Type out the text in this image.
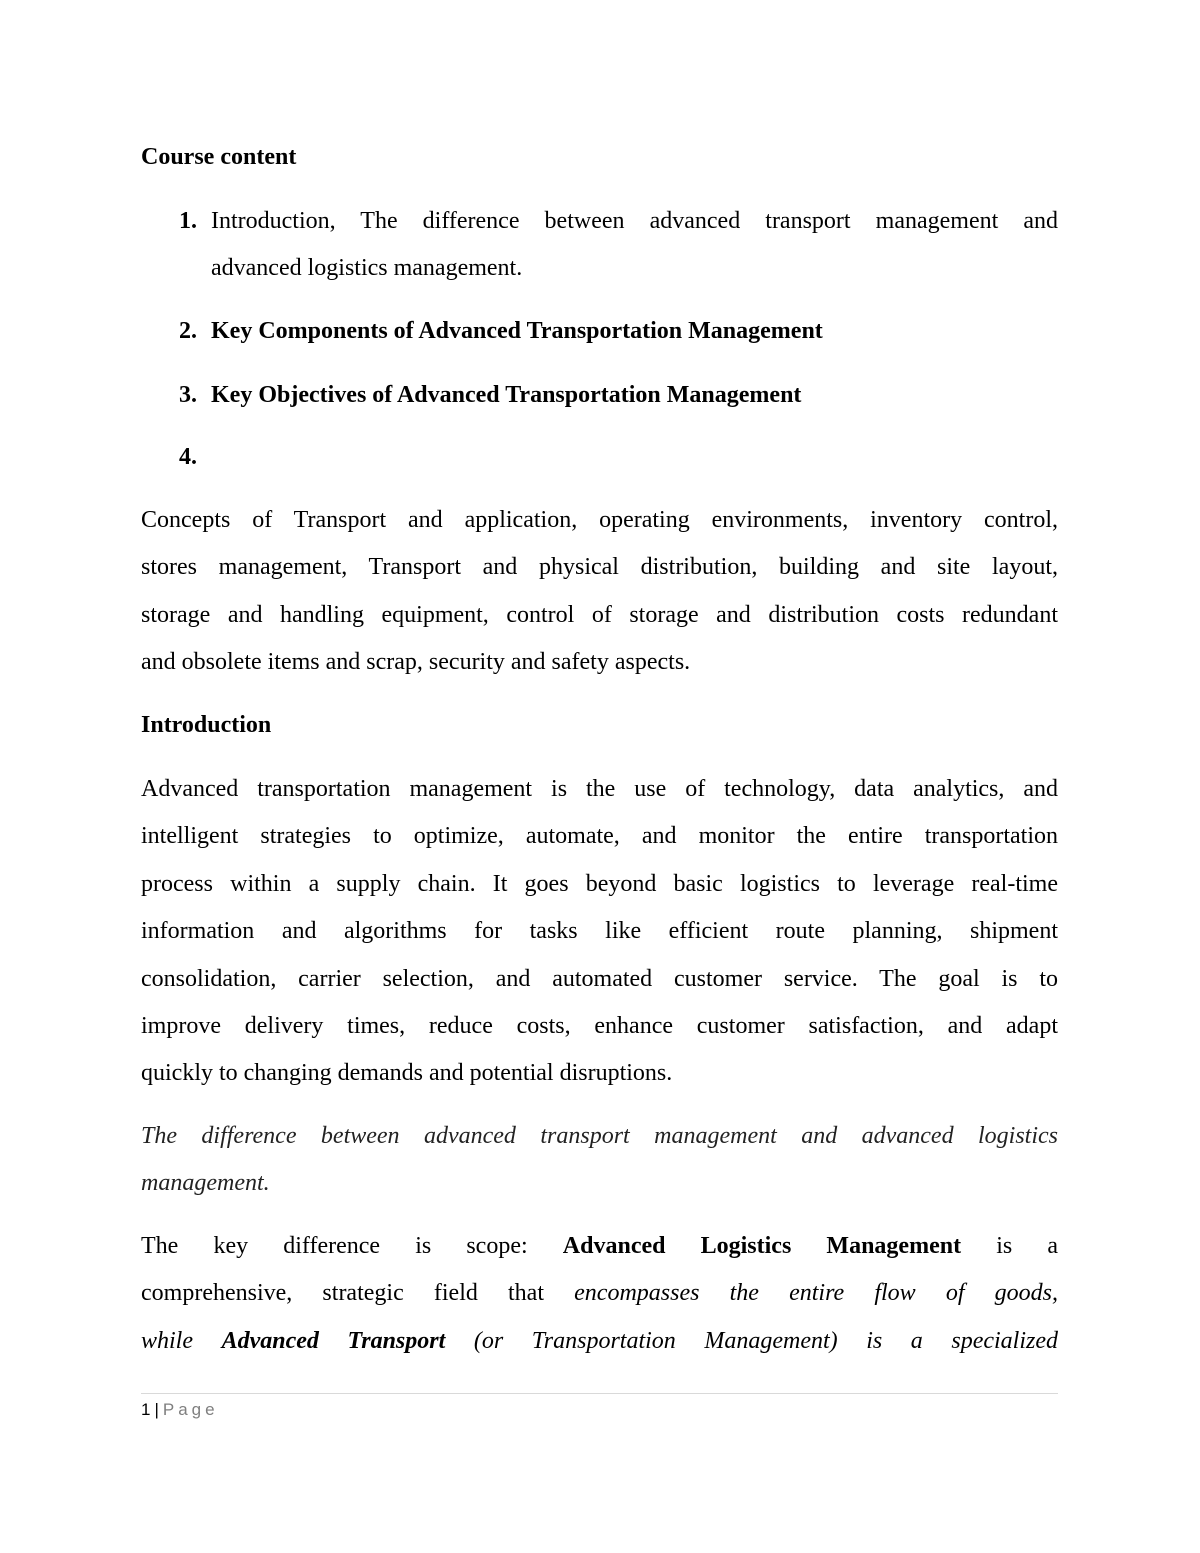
Course content
1. Introduction, The difference between advanced transport management and
advanced logistics management.
2. Key Components of Advanced Transportation Management
3. Key Objectives of Advanced Transportation Management
4.
Concepts of Transport and application, operating environments, inventory control,
stores management, Transport and physical distribution, building and site layout,
storage and handling equipment, control of storage and distribution costs redundant
and obsolete items and scrap, security and safety aspects.
Introduction
Advanced transportation management is the use of technology, data analytics, and
intelligent strategies to optimize, automate, and monitor the entire transportation
process within a supply chain. It goes beyond basic logistics to leverage real-time
information and algorithms for tasks like efficient route planning, shipment
consolidation, carrier selection, and automated customer service. The goal is to
improve delivery times, reduce costs, enhance customer satisfaction, and adapt
quickly to changing demands and potential disruptions.
The difference between advanced transport management and advanced logistics
management.
The key difference is scope: Advanced Logistics Management is a
comprehensive, strategic field that encompasses the entire flow of goods,
while Advanced Transport (or Transportation Management) is a specialized
1 | Page
